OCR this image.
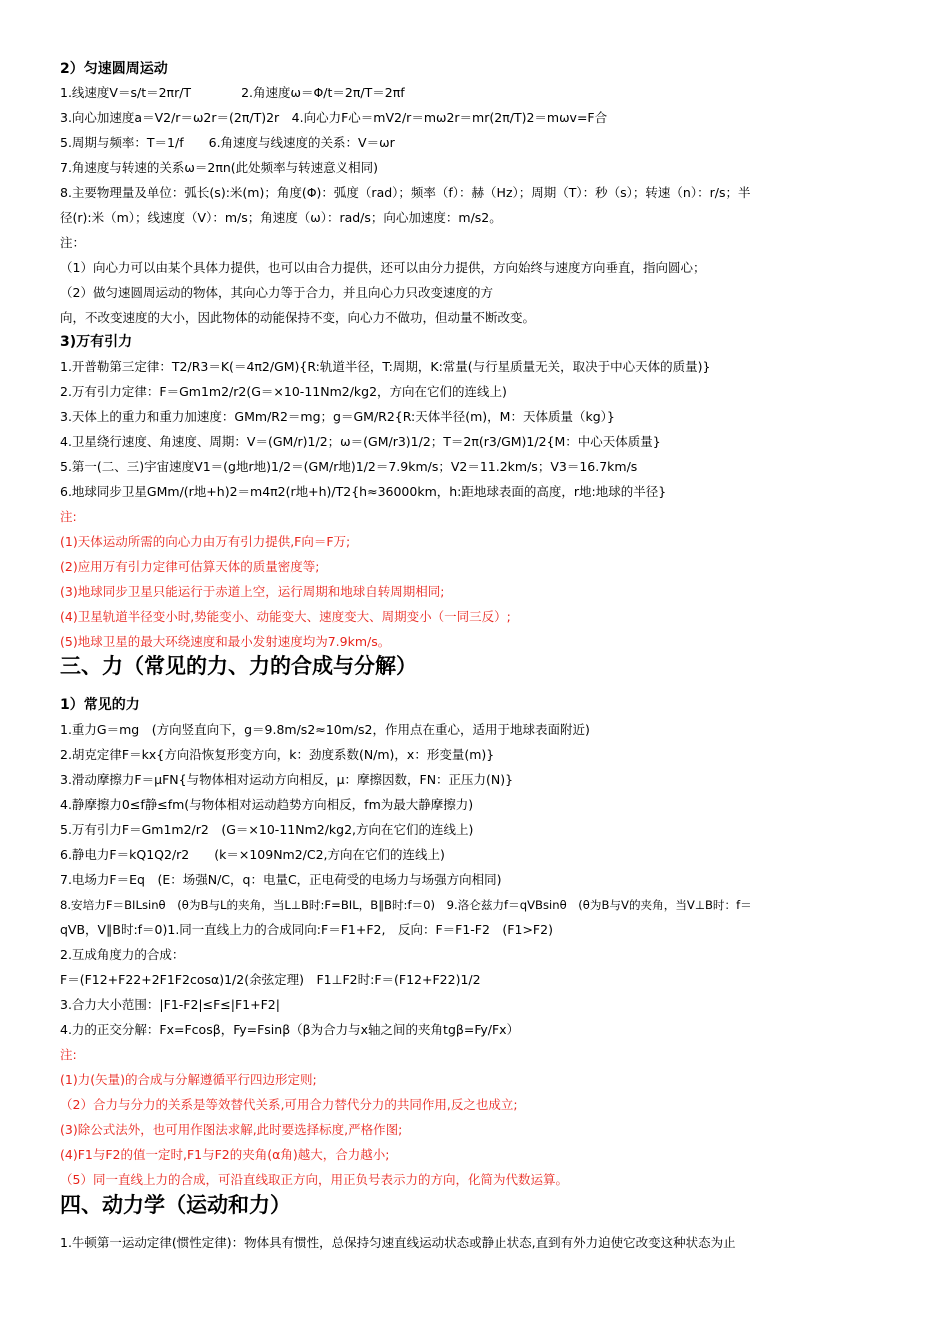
2）匀速圆周运动
1.线速度V＝s/t＝2πr/T　　　　2.角速度ω＝Φ/t＝2π/T＝2πf
3.向心加速度a＝V2/r＝ω2r＝(2π/T)2r　4.向心力F心＝mV2/r＝mω2r＝mr(2π/T)2＝mωv=F合
5.周期与频率：T＝1/f　　6.角速度与线速度的关系：V＝ωr
7.角速度与转速的关系ω＝2πn(此处频率与转速意义相同)
8.主要物理量及单位：弧长(s):米(m)；角度(Φ)：弧度（rad）；频率（f）：赫（Hz）；周期（T）：秒（s）；转速（n）：r/s；半
径(r):米（m）；线速度（V）：m/s；角速度（ω）：rad/s；向心加速度：m/s2。
注：
（1）向心力可以由某个具体力提供，也可以由合力提供，还可以由分力提供，方向始终与速度方向垂直，指向圆心；
（2）做匀速圆周运动的物体，其向心力等于合力，并且向心力只改变速度的方
向，不改变速度的大小，因此物体的动能保持不变，向心力不做功，但动量不断改变。
3)万有引力
1.开普勒第三定律：T2/R3＝K(＝4π2/GM){R:轨道半径，T:周期，K:常量(与行星质量无关，取决于中心天体的质量)}
2.万有引力定律：F＝Gm1m2/r2(G＝×10-11Nm2/kg2，方向在它们的连线上)
3.天体上的重力和重力加速度：GMm/R2＝mg；g＝GM/R2{R:天体半径(m)，M：天体质量（kg）}
4.卫星绕行速度、角速度、周期：V＝(GM/r)1/2；ω＝(GM/r3)1/2；T＝2π(r3/GM)1/2{M：中心天体质量}
5.第一(二、三)宇宙速度V1＝(g地r地)1/2＝(GM/r地)1/2＝7.9km/s；V2＝11.2km/s；V3＝16.7km/s
6.地球同步卫星GMm/(r地+h)2＝m4π2(r地+h)/T2{h≈36000km，h:距地球表面的高度，r地:地球的半径}
注:
(1)天体运动所需的向心力由万有引力提供,F向＝F万;
(2)应用万有引力定律可估算天体的质量密度等;
(3)地球同步卫星只能运行于赤道上空，运行周期和地球自转周期相同;
(4)卫星轨道半径变小时,势能变小、动能变大、速度变大、周期变小（一同三反）;
(5)地球卫星的最大环绕速度和最小发射速度均为7.9km/s。
三、力（常见的力、力的合成与分解）
1）常见的力
1.重力G＝mg　(方向竖直向下，g＝9.8m/s2≈10m/s2，作用点在重心，适用于地球表面附近)
2.胡克定律F＝kx{方向沿恢复形变方向，k：劲度系数(N/m)，x：形变量(m)}
3.滑动摩擦力F＝μFN{与物体相对运动方向相反，μ：摩擦因数，FN：正压力(N)}
4.静摩擦力0≤f静≤fm(与物体相对运动趋势方向相反，fm为最大静摩擦力)
5.万有引力F＝Gm1m2/r2　(G＝×10-11Nm2/kg2,方向在它们的连线上)
6.静电力F＝kQ1Q2/r2　　(k＝×109Nm2/C2,方向在它们的连线上)
7.电场力F＝Eq　(E：场强N/C，q：电量C，正电荷受的电场力与场强方向相同)
8.安培力F＝BILsinθ　(θ为B与L的夹角，当L⊥B时:F=BIL，B∥B时:f＝0)　9.洛仑兹力f＝qVBsinθ　(θ为B与V的夹角，当V⊥B时：f＝
qVB，V∥B时:f＝0)1.同一直线上力的合成同向:F＝F1+F2,　反向：F＝F1-F2　(F1>F2)
2.互成角度力的合成：
F＝(F12+F22+2F1F2cosα)1/2(余弦定理)　F1⊥F2时:F＝(F12+F22)1/2
3.合力大小范围：|F1-F2|≤F≤|F1+F2|
4.力的正交分解：Fx=Fcosβ，Fy=Fsinβ（β为合力与x轴之间的夹角tgβ=Fy/Fx）
注:
(1)力(矢量)的合成与分解遵循平行四边形定则;
（2）合力与分力的关系是等效替代关系,可用合力替代分力的共同作用,反之也成立;
(3)除公式法外，也可用作图法求解,此时要选择标度,严格作图;
(4)F1与F2的值一定时,F1与F2的夹角(α角)越大，合力越小;
（5）同一直线上力的合成，可沿直线取正方向，用正负号表示力的方向，化简为代数运算。
四、动力学（运动和力）
1.牛顿第一运动定律(惯性定律)：物体具有惯性，总保持匀速直线运动状态或静止状态,直到有外力迫使它改变这种状态为止
